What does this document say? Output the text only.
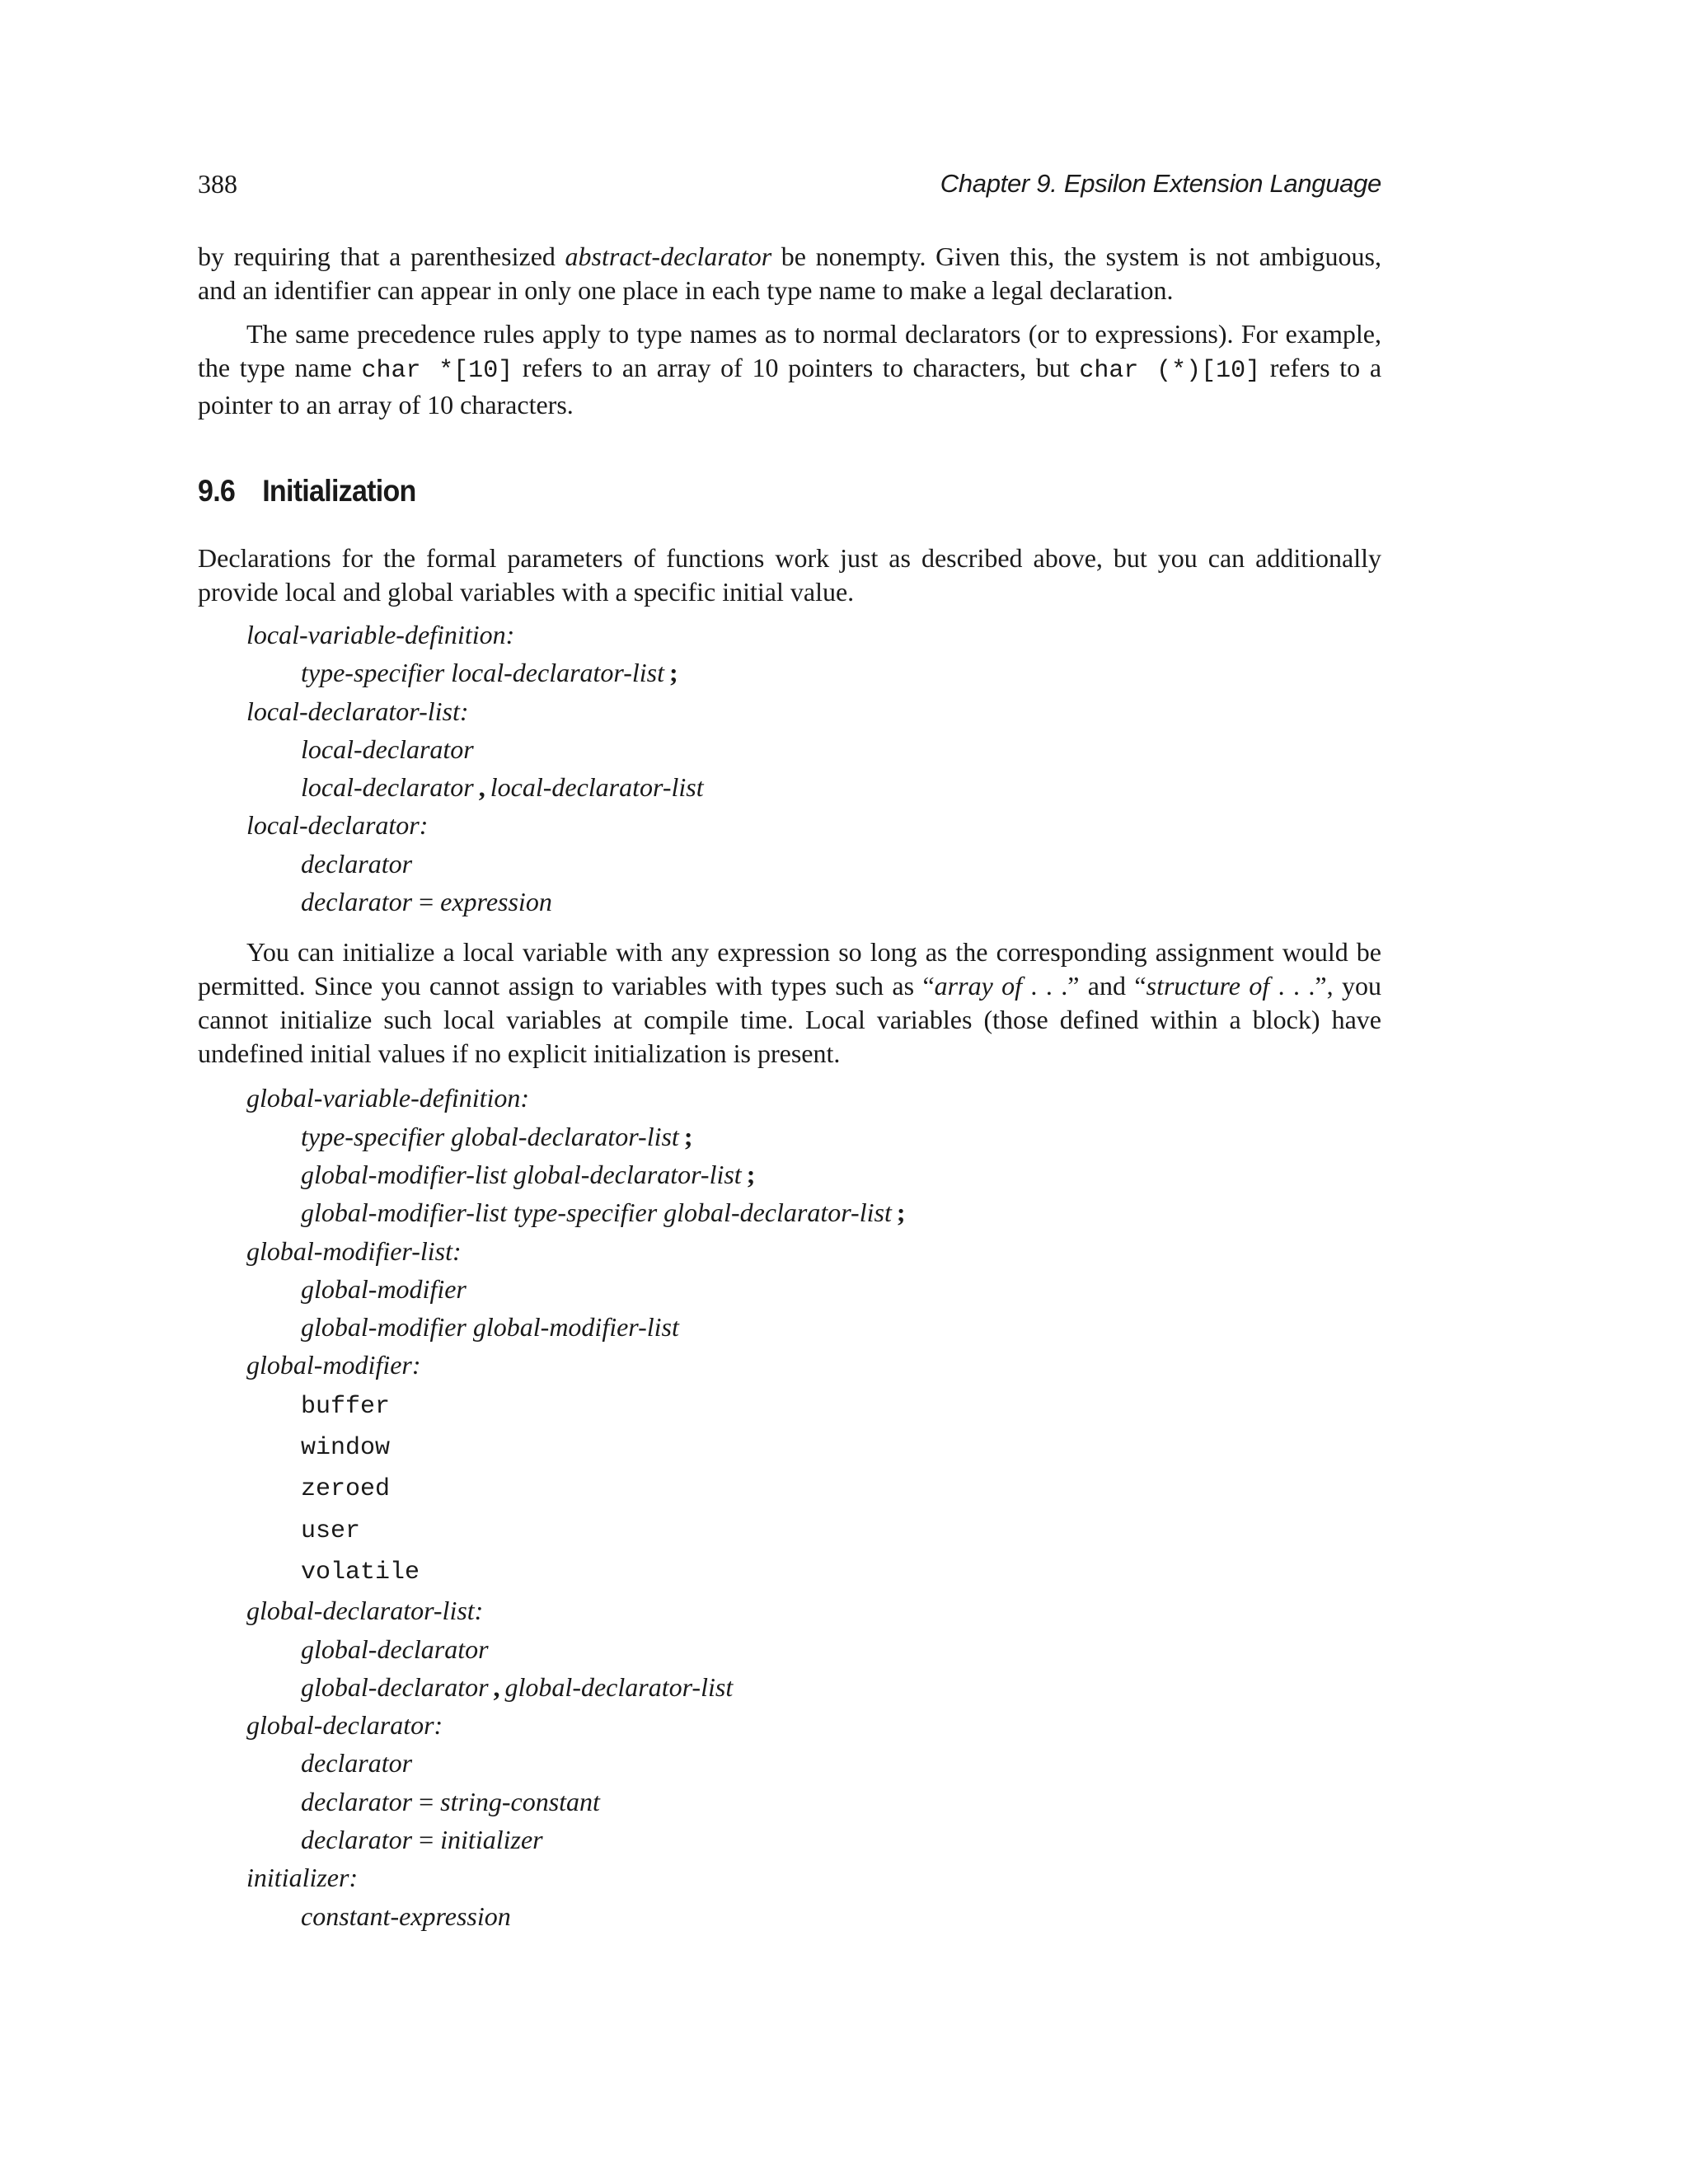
388	Chapter 9. Epsilon Extension Language

by requiring that a parenthesized abstract-declarator be nonempty. Given this, the system is not ambiguous, and an identifier can appear in only one place in each type name to make a legal declaration.

The same precedence rules apply to type names as to normal declarators (or to expressions). For example, the type name char *[10] refers to an array of 10 pointers to characters, but char (*)[10] refers to a pointer to an array of 10 characters.

9.6 Initialization

Declarations for the formal parameters of functions work just as described above, but you can additionally provide local and global variables with a specific initial value.

local-variable-definition:
type-specifier local-declarator-list ;
local-declarator-list:
local-declarator
local-declarator , local-declarator-list
local-declarator:
declarator
declarator = expression

You can initialize a local variable with any expression so long as the corresponding assignment would be permitted. Since you cannot assign to variables with types such as “array of . . .” and “structure of . . .”, you cannot initialize such local variables at compile time. Local variables (those defined within a block) have undefined initial values if no explicit initialization is present.

global-variable-definition:
type-specifier global-declarator-list ;
global-modifier-list global-declarator-list ;
global-modifier-list type-specifier global-declarator-list ;
global-modifier-list:
global-modifier
global-modifier global-modifier-list
global-modifier:
buffer
window
zeroed
user
volatile
global-declarator-list:
global-declarator
global-declarator , global-declarator-list
global-declarator:
declarator
declarator = string-constant
declarator = initializer
initializer:
constant-expression
